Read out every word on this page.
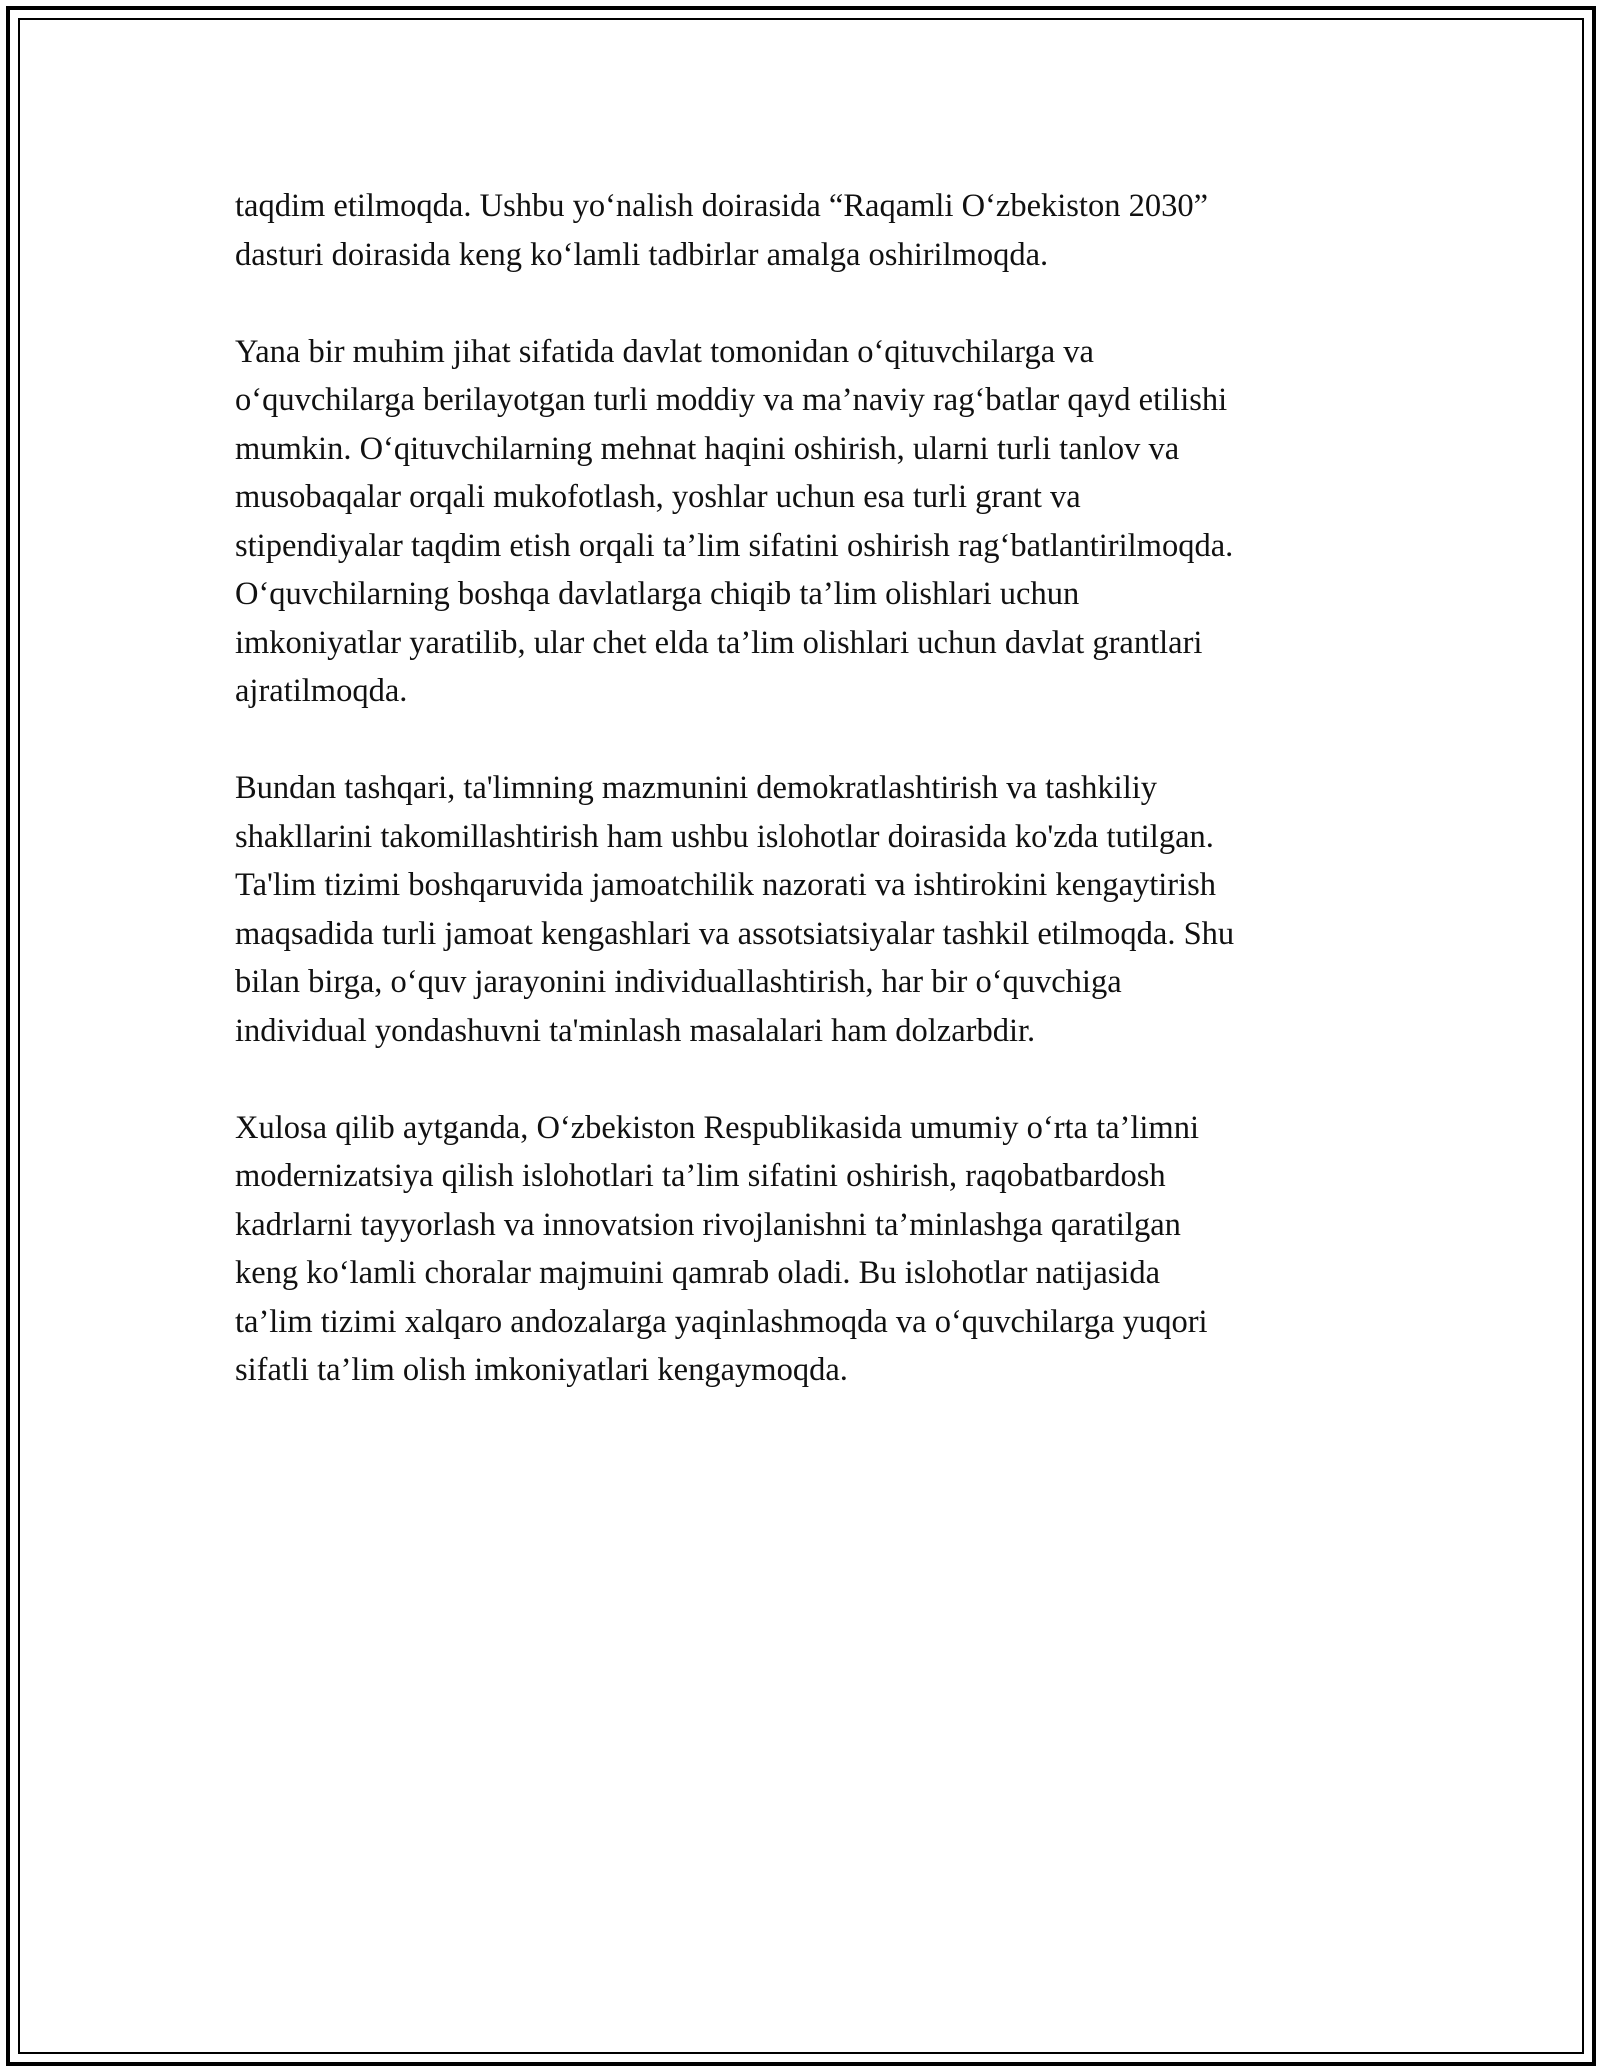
taqdim etilmoqda. Ushbu yo‘nalish doirasida “Raqamli O‘zbekiston 2030”
dasturi doirasida keng ko‘lamli tadbirlar amalga oshirilmoqda.

Yana bir muhim jihat sifatida davlat tomonidan o‘qituvchilarga va
o‘quvchilarga berilayotgan turli moddiy va ma’naviy rag‘batlar qayd etilishi
mumkin. O‘qituvchilarning mehnat haqini oshirish, ularni turli tanlov va
musobaqalar orqali mukofotlash, yoshlar uchun esa turli grant va
stipendiyalar taqdim etish orqali ta’lim sifatini oshirish rag‘batlantirilmoqda.
O‘quvchilarning boshqa davlatlarga chiqib ta’lim olishlari uchun
imkoniyatlar yaratilib, ular chet elda ta’lim olishlari uchun davlat grantlari
ajratilmoqda.

Bundan tashqari, ta'limning mazmunini demokratlashtirish va tashkiliy
shakllarini takomillashtirish ham ushbu islohotlar doirasida ko'zda tutilgan.
Ta'lim tizimi boshqaruvida jamoatchilik nazorati va ishtirokini kengaytirish
maqsadida turli jamoat kengashlari va assotsiatsiyalar tashkil etilmoqda. Shu
bilan birga, o‘quv jarayonini individuallashtirish, har bir o‘quvchiga
individual yondashuvni ta'minlash masalalari ham dolzarbdir.

Xulosa qilib aytganda, O‘zbekiston Respublikasida umumiy o‘rta ta’limni
modernizatsiya qilish islohotlari ta’lim sifatini oshirish, raqobatbardosh
kadrlarni tayyorlash va innovatsion rivojlanishni ta’minlashga qaratilgan
keng ko‘lamli choralar majmuini qamrab oladi. Bu islohotlar natijasida
ta’lim tizimi xalqaro andozalarga yaqinlashmoqda va o‘quvchilarga yuqori
sifatli ta’lim olish imkoniyatlari kengaymoqda.
